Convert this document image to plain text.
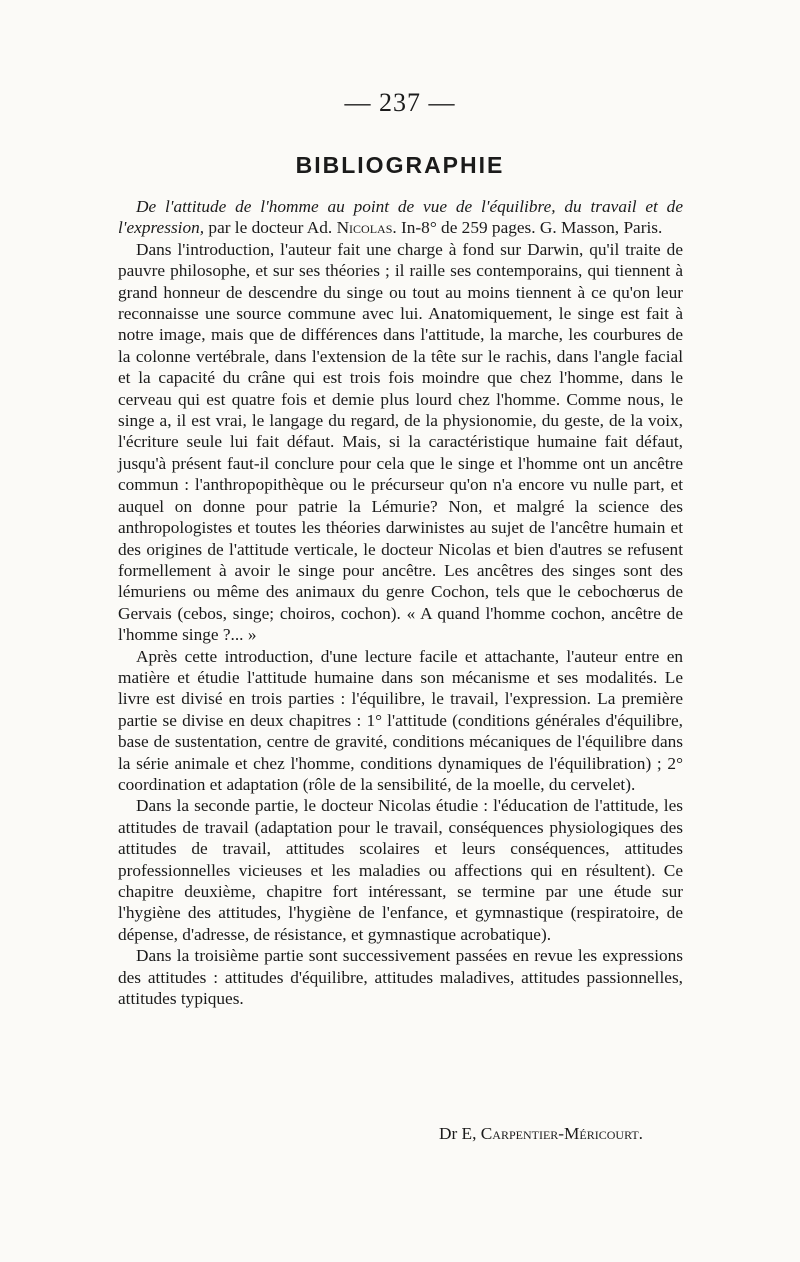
— 237 —
BIBLIOGRAPHIE

De l'attitude de l'homme au point de vue de l'équilibre, du travail et de l'expression, par le docteur Ad. Nicolas. In-8° de 259 pages. G. Masson, Paris.

Dans l'introduction, l'auteur fait une charge à fond sur Darwin, qu'il traite de pauvre philosophe, et sur ses théories ; il raille ses contemporains, qui tiennent à grand honneur de descendre du singe ou tout au moins tiennent à ce qu'on leur reconnaisse une source commune avec lui. Anatomiquement, le singe est fait à notre image, mais que de différences dans l'attitude, la marche, les courbures de la colonne vertébrale, dans l'extension de la tête sur le rachis, dans l'angle facial et la capacité du crâne qui est trois fois moindre que chez l'homme, dans le cerveau qui est quatre fois et demie plus lourd chez l'homme. Comme nous, le singe a, il est vrai, le langage du regard, de la physionomie, du geste, de la voix, l'écriture seule lui fait défaut. Mais, si la caractéristique humaine fait défaut, jusqu'à présent faut-il conclure pour cela que le singe et l'homme ont un ancêtre commun : l'anthropopithèque ou le précurseur qu'on n'a encore vu nulle part, et auquel on donne pour patrie la Lémurie? Non, et malgré la science des anthropologistes et toutes les théories darwinistes au sujet de l'ancêtre humain et des origines de l'attitude verticale, le docteur Nicolas et bien d'autres se refusent formellement à avoir le singe pour ancêtre. Les ancêtres des singes sont des lémuriens ou même des animaux du genre Cochon, tels que le cebochœrus de Gervais (cebos, singe; choiros, cochon). « A quand l'homme cochon, ancêtre de l'homme singe ?... »

Après cette introduction, d'une lecture facile et attachante, l'auteur entre en matière et étudie l'attitude humaine dans son mécanisme et ses modalités. Le livre est divisé en trois parties : l'équilibre, le travail, l'expression. La première partie se divise en deux chapitres : 1° l'attitude (conditions générales d'équilibre, base de sustentation, centre de gravité, conditions mécaniques de l'équilibre dans la série animale et chez l'homme, conditions dynamiques de l'équilibration) ; 2° coordination et adaptation (rôle de la sensibilité, de la moelle, du cervelet).

Dans la seconde partie, le docteur Nicolas étudie : l'éducation de l'attitude, les attitudes de travail (adaptation pour le travail, conséquences physiologiques des attitudes de travail, attitudes scolaires et leurs conséquences, attitudes professionnelles vicieuses et les maladies ou affections qui en résultent). Ce chapitre deuxième, chapitre fort intéressant, se termine par une étude sur l'hygiène des attitudes, l'hygiène de l'enfance, et gymnastique (respiratoire, de dépense, d'adresse, de résistance, et gymnastique acrobatique).

Dans la troisième partie sont successivement passées en revue les expressions des attitudes : attitudes d'équilibre, attitudes maladives, attitudes passionnelles, attitudes typiques.

Dr E, Carpentier-Méricourt.
